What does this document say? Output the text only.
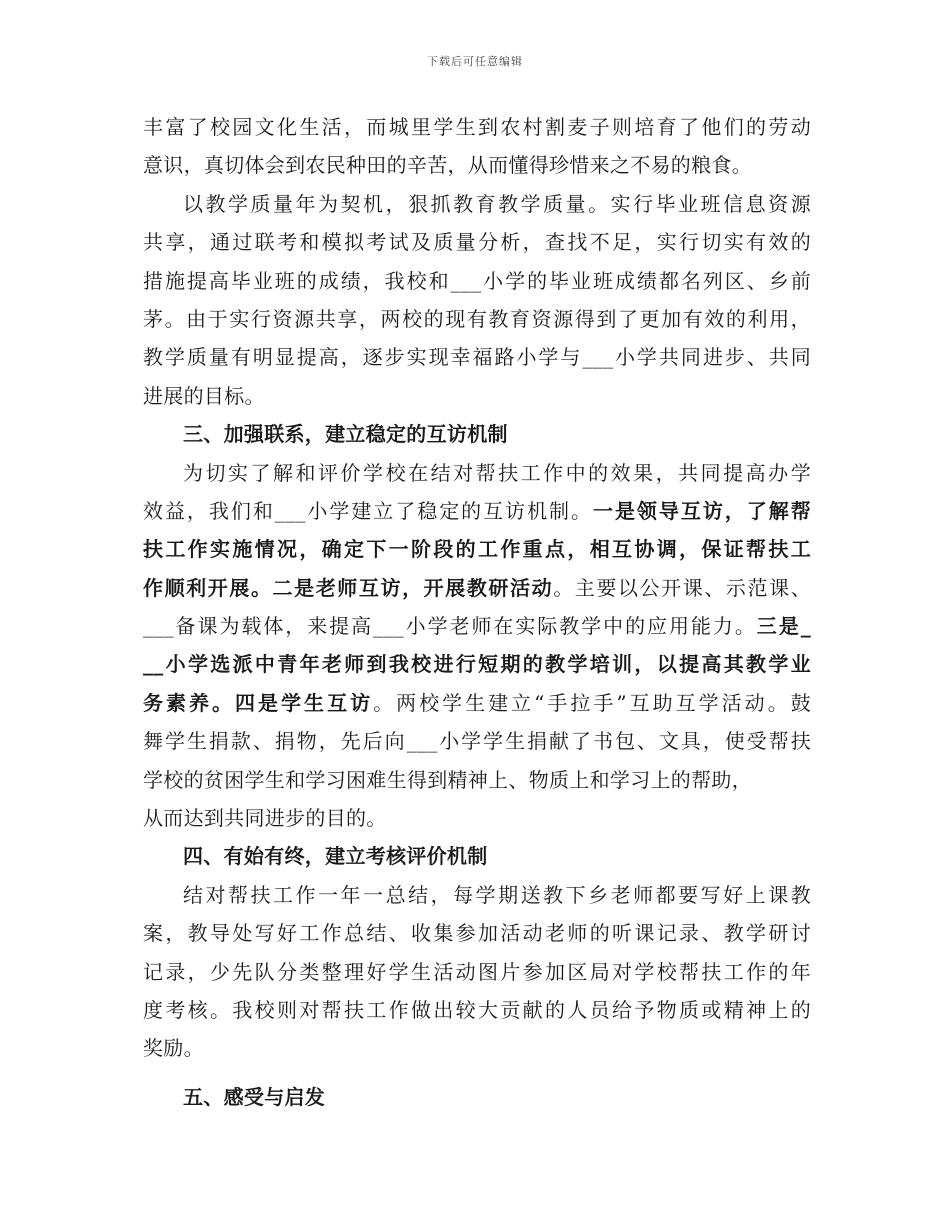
下载后可任意编辑
丰富了校园文化生活，而城里学生到农村割麦子则培育了他们的劳动
意识，真切体会到农民种田的辛苦，从而懂得珍惜来之不易的粮食。
以教学质量年为契机，狠抓教育教学质量。实行毕业班信息资源
共享，通过联考和模拟考试及质量分析，查找不足，实行切实有效的
措施提高毕业班的成绩，我校和___小学的毕业班成绩都名列区、乡前
茅。由于实行资源共享，两校的现有教育资源得到了更加有效的利用，
教学质量有明显提高，逐步实现幸福路小学与___小学共同进步、共同
进展的目标。
三、加强联系，建立稳定的互访机制
为切实了解和评价学校在结对帮扶工作中的效果，共同提高办学
效益，我们和___小学建立了稳定的互访机制。一是领导互访，了解帮
扶工作实施情况，确定下一阶段的工作重点，相互协调，保证帮扶工
作顺利开展。二是老师互访，开展教研活动。主要以公开课、示范课、
___备课为载体，来提高___小学老师在实际教学中的应用能力。三是_
__小学选派中青年老师到我校进行短期的教学培训，以提高其教学业
务素养。四是学生互访。两校学生建立“手拉手”互助互学活动。鼓
舞学生捐款、捐物，先后向___小学学生捐献了书包、文具，使受帮扶
学校的贫困学生和学习困难生得到精神上、物质上和学习上的帮助，
从而达到共同进步的目的。
四、有始有终，建立考核评价机制
结对帮扶工作一年一总结，每学期送教下乡老师都要写好上课教
案，教导处写好工作总结、收集参加活动老师的听课记录、教学研讨
记录，少先队分类整理好学生活动图片参加区局对学校帮扶工作的年
度考核。我校则对帮扶工作做出较大贡献的人员给予物质或精神上的
奖励。
五、感受与启发
